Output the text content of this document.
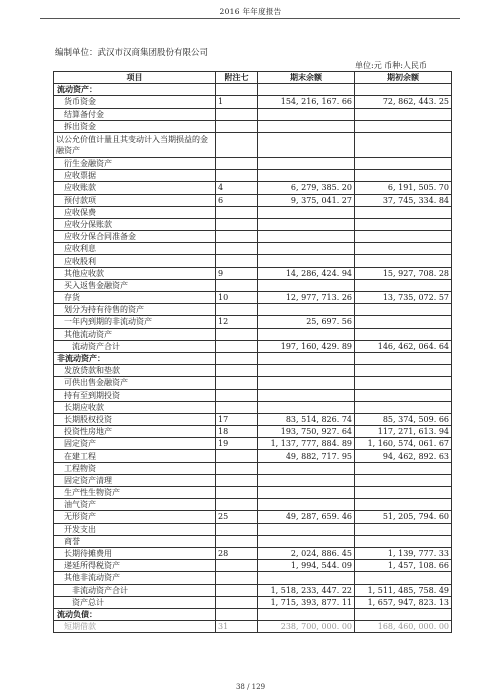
2016 年年度报告
编制单位：武汉市汉商集团股份有限公司
单位:元 币种:人民币
项目	附注七	期末余额	期初余额
流动资产：			
货币资金	1	154, 216, 167. 66	72, 862, 443. 25
结算备付金			
拆出资金			
以公允价值计量且其变动计入当期损益的金融资产			
衍生金融资产			
应收票据			
应收账款	4	6, 279, 385. 20	6, 191, 505. 70
预付款项	6	9, 375, 041. 27	37, 745, 334. 84
应收保费			
应收分保账款			
应收分保合同准备金			
应收利息			
应收股利			
其他应收款	9	14, 286, 424. 94	15, 927, 708. 28
买入返售金融资产			
存货	10	12, 977, 713. 26	13, 735, 072. 57
划分为持有待售的资产			
一年内到期的非流动资产	12	25, 697. 56	
其他流动资产			
流动资产合计		197, 160, 429. 89	146, 462, 064. 64
非流动资产：			
发放贷款和垫款			
可供出售金融资产			
持有至到期投资			
长期应收款			
长期股权投资	17	83, 514, 826. 74	85, 374, 509. 66
投资性房地产	18	193, 750, 927. 64	117, 271, 613. 94
固定资产	19	1, 137, 777, 884. 89	1, 160, 574, 061. 67
在建工程		49, 882, 717. 95	94, 462, 892. 63
工程物资			
固定资产清理			
生产性生物资产			
油气资产			
无形资产	25	49, 287, 659. 46	51, 205, 794. 60
开发支出			
商誉			
长期待摊费用	28	2, 024, 886. 45	1, 139, 777. 33
递延所得税资产		1, 994, 544. 09	1, 457, 108. 66
其他非流动资产			
非流动资产合计		1, 518, 233, 447. 22	1, 511, 485, 758. 49
资产总计		1, 715, 393, 877. 11	1, 657, 947, 823. 13
流动负债：			
短期借款	31	238, 700, 000. 00	168, 460, 000. 00
38 / 129
